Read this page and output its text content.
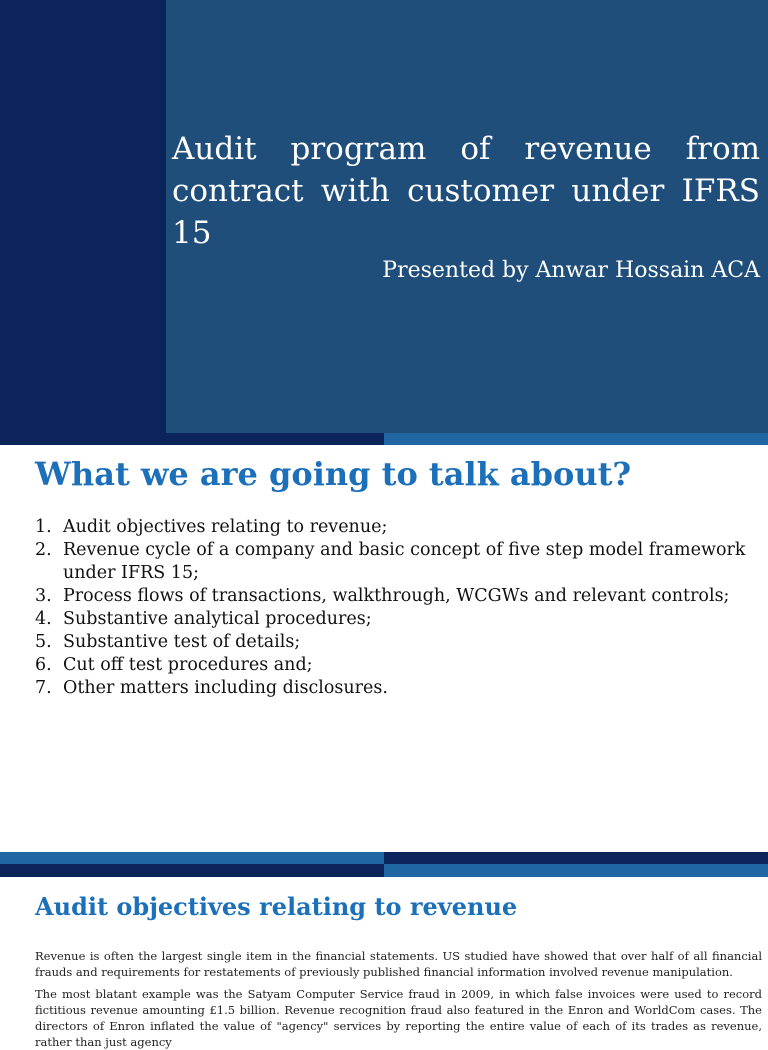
Audit program of revenue from contract with customer under IFRS 15
Presented by Anwar Hossain ACA
What we are going to talk about?
1. Audit objectives relating to revenue;
2. Revenue cycle of a company and basic concept of five step model framework under IFRS 15;
3. Process flows of transactions, walkthrough, WCGWs and relevant controls;
4. Substantive analytical procedures;
5. Substantive test of details;
6. Cut off test procedures and;
7. Other matters including disclosures.
Audit objectives relating to revenue

Revenue is often the largest single item in the financial statements. US studied have showed that over half of all financial frauds and requirements for restatements of previously published financial information involved revenue manipulation.

The most blatant example was the Satyam Computer Service fraud in 2009, in which false invoices were used to record fictitious revenue amounting £1.5 billion. Revenue recognition fraud also featured in the Enron and WorldCom cases. The directors of Enron inflated the value of "agency" services by reporting the entire value of each of its trades as revenue, rather than just agency
